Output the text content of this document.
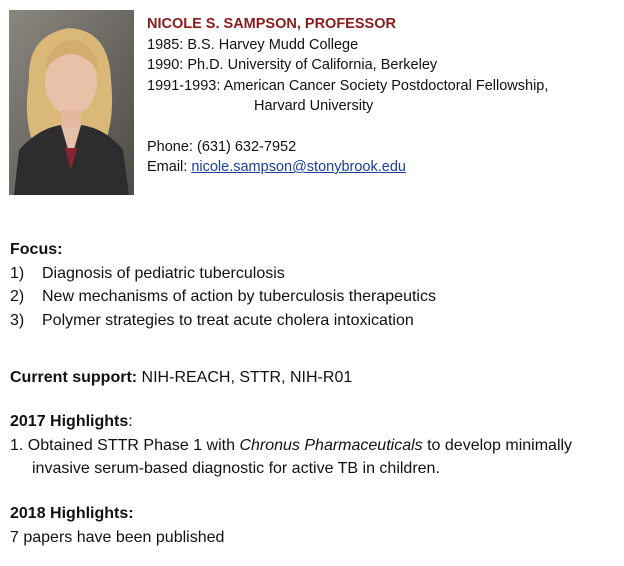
NICOLE S. SAMPSON, PROFESSOR
1985: B.S. Harvey Mudd College
1990: Ph.D. University of California, Berkeley
1991-1993: American Cancer Society Postdoctoral Fellowship,
Harvard University
Phone: (631) 632-7952
Email: nicole.sampson@stonybrook.edu
Focus:
1)	Diagnosis of pediatric tuberculosis
2)	New mechanisms of action by tuberculosis therapeutics
3)	Polymer strategies to treat acute cholera intoxication
Current support: NIH-REACH, STTR, NIH-R01
2017 Highlights:
1. Obtained STTR Phase 1 with Chronus Pharmaceuticals to develop minimally
invasive serum-based diagnostic for active TB in children.
2018 Highlights:
7 papers have been published
